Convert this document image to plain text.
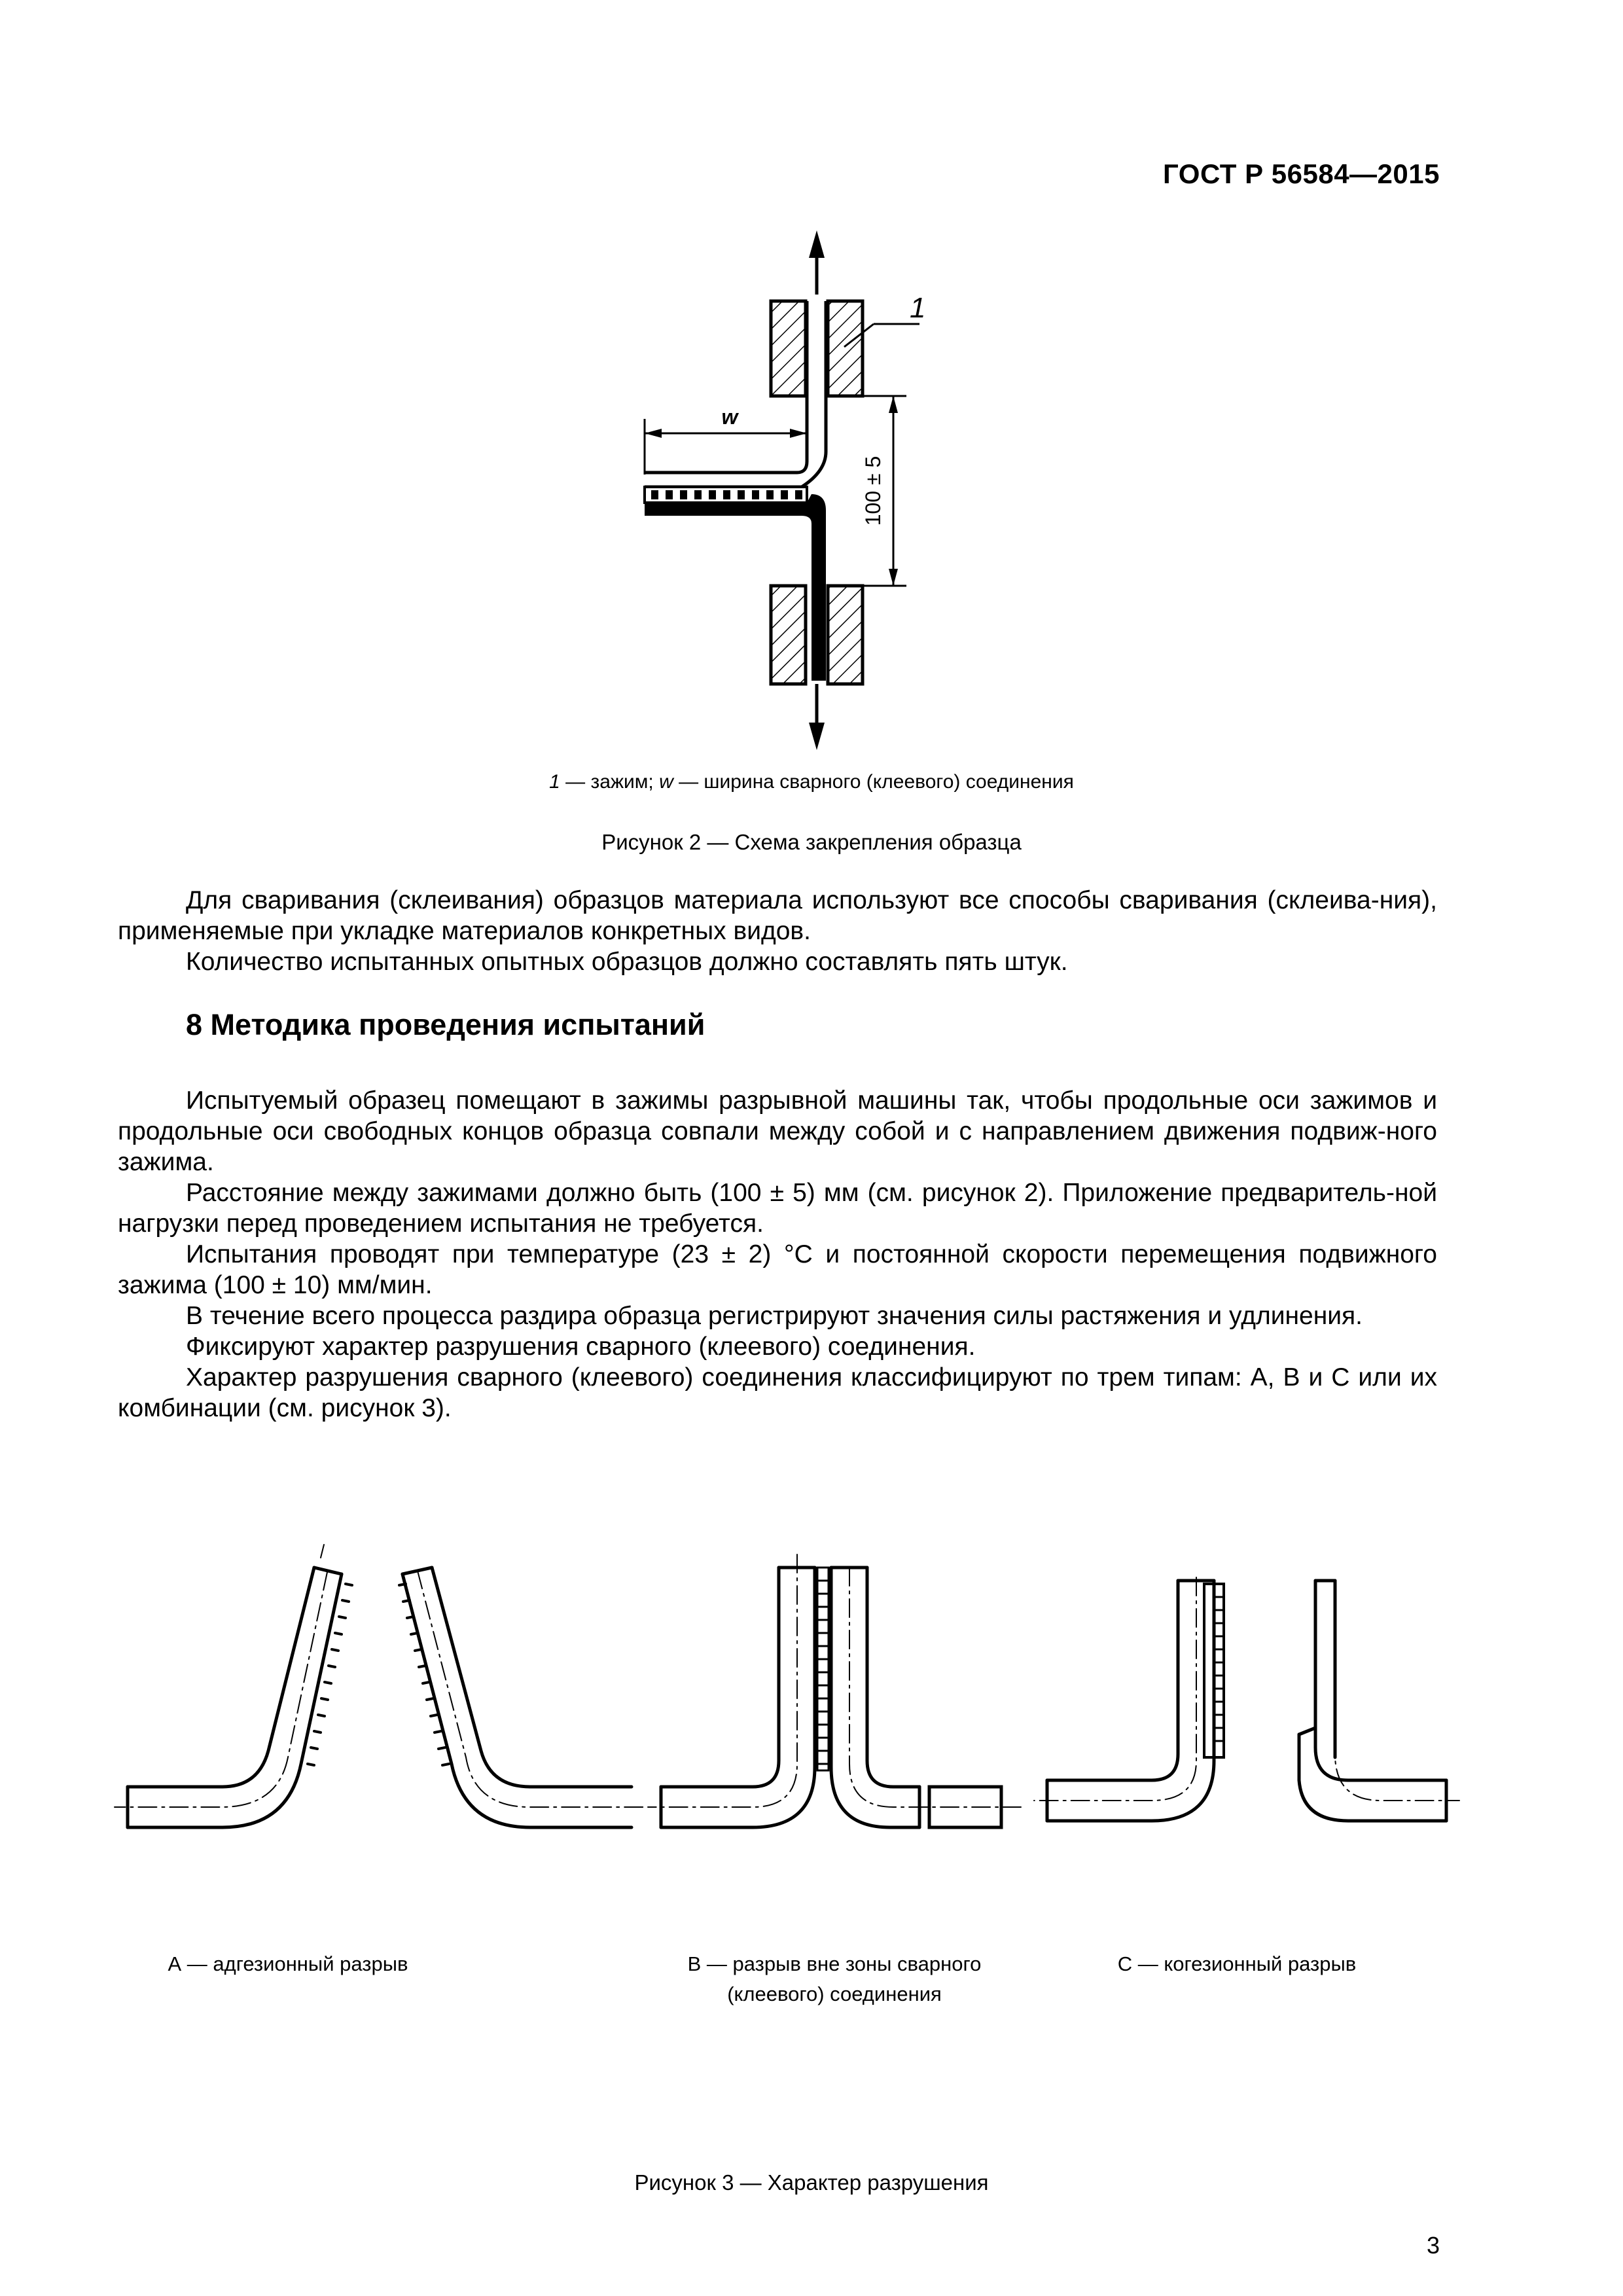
ГОСТ Р 56584—2015
w
100 ± 5
1
1 — зажим; w — ширина сварного (клеевого) соединения
Рисунок 2 — Схема закрепления образца

Для сваривания (склеивания) образцов материала используют все способы сваривания (склеива-ния), применяемые при укладке материалов конкретных видов.

Количество испытанных опытных образцов должно составлять пять штук.

8 Методика проведения испытаний

Испытуемый образец помещают в зажимы разрывной машины так, чтобы продольные оси зажимов и продольные оси свободных концов образца совпали между собой и с направлением движения подвиж-ного зажима.

Расстояние между зажимами должно быть (100 ± 5) мм (см. рисунок 2). Приложение предваритель-ной нагрузки перед проведением испытания не требуется.

Испытания проводят при температуре (23 ± 2) °С и постоянной скорости перемещения подвижного зажима (100 ± 10) мм/мин.

В течение всего процесса раздира образца регистрируют значения силы растяжения и удлинения.

Фиксируют характер разрушения сварного (клеевого) соединения.

Характер разрушения сварного (клеевого) соединения классифицируют по трем типам: А, В и С или их комбинации (см. рисунок 3).

А — адгезионный разрыв	В — разрыв вне зоны сварного
(клеевого) соединения
С — когезионный разрыв
Рисунок 3 — Характер разрушения
3
